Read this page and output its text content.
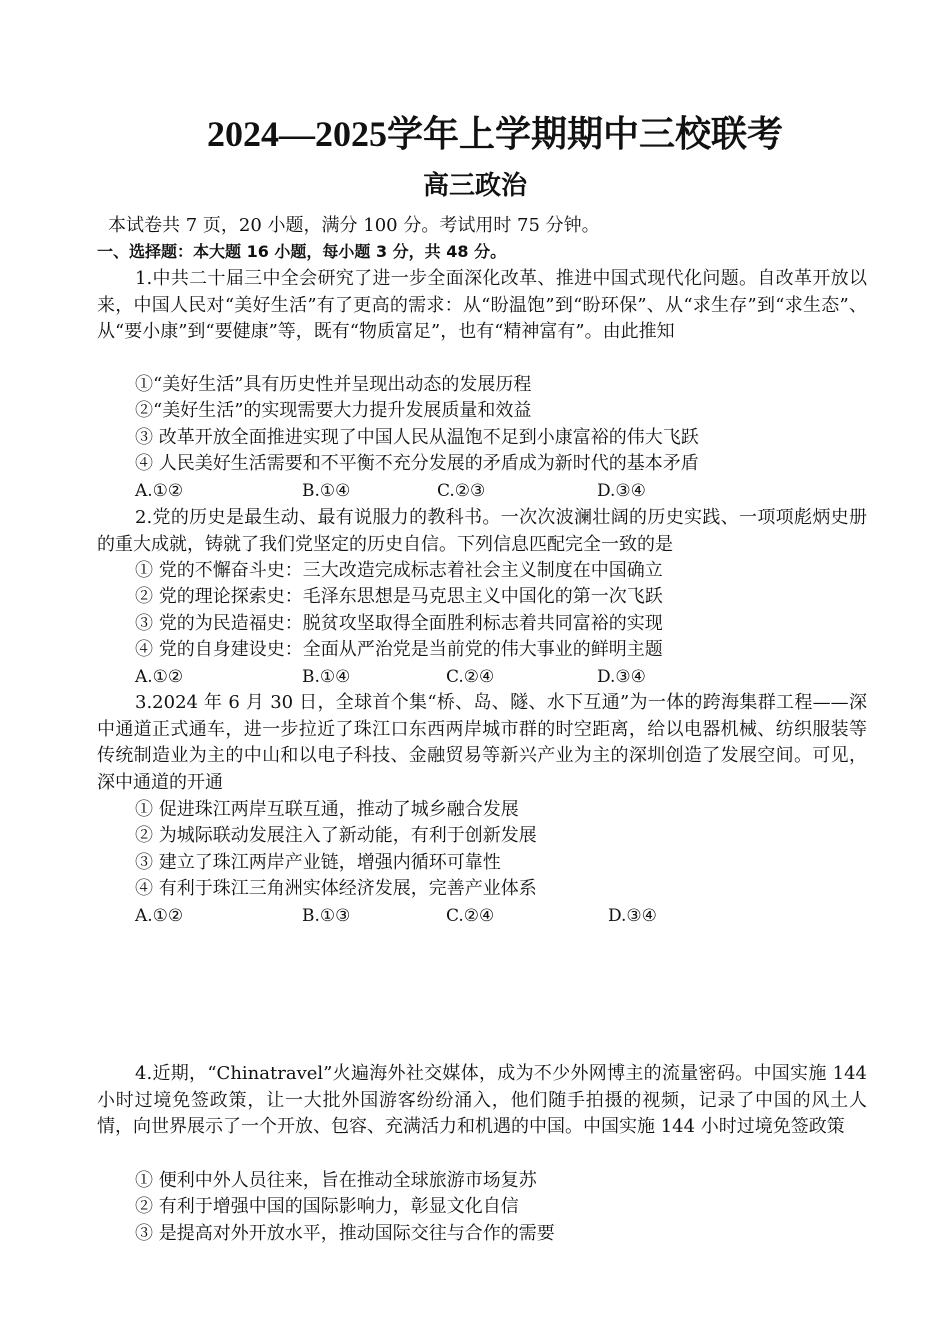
2024—2025学年上学期期中三校联考
高三政治
本试卷共 7 页，20 小题，满分 100 分。考试用时 75 分钟。
一、选择题：本大题 16 小题，每小题 3 分，共 48 分。

1.中共二十届三中全会研究了进一步全面深化改革、推进中国式现代化问题。自改革开放以来，中国人民对“美好生活”有了更高的需求：从“盼温饱”到“盼环保”、从“求生存”到“求生态”、从“要小康”到“要健康”等，既有“物质富足”，也有“精神富有”。由此推知

①“美好生活”具有历史性并呈现出动态的发展历程
②“美好生活”的实现需要大力提升发展质量和效益
③ 改革开放全面推进实现了中国人民从温饱不足到小康富裕的伟大飞跃
④ 人民美好生活需要和不平衡不充分发展的矛盾成为新时代的基本矛盾
A.①②	B.①④	C.②③	D.③④

2.党的历史是最生动、最有说服力的教科书。一次次波澜壮阔的历史实践、一项项彪炳史册的重大成就，铸就了我们党坚定的历史自信。下列信息匹配完全一致的是

① 党的不懈奋斗史：三大改造完成标志着社会主义制度在中国确立
② 党的理论探索史：毛泽东思想是马克思主义中国化的第一次飞跃
③ 党的为民造福史：脱贫攻坚取得全面胜利标志着共同富裕的实现
④ 党的自身建设史：全面从严治党是当前党的伟大事业的鲜明主题
A.①②	B.①④	C.②④	D.③④

3.2024 年 6 月 30 日，全球首个集“桥、岛、隧、水下互通”为一体的跨海集群工程——深中通道正式通车，进一步拉近了珠江口东西两岸城市群的时空距离，给以电器机械、纺织服装等传统制造业为主的中山和以电子科技、金融贸易等新兴产业为主的深圳创造了发展空间。可见，深中通道的开通

① 促进珠江两岸互联互通，推动了城乡融合发展
② 为城际联动发展注入了新动能，有利于创新发展
③ 建立了珠江两岸产业链，增强内循环可靠性
④ 有利于珠江三角洲实体经济发展，完善产业体系
A.①②	B.①③	C.②④	D.③④

4.近期，“Chinatravel”火遍海外社交媒体，成为不少外网博主的流量密码。中国实施 144 小时过境免签政策，让一大批外国游客纷纷涌入，他们随手拍摄的视频，记录了中国的风土人情，向世界展示了一个开放、包容、充满活力和机遇的中国。中国实施 144 小时过境免签政策

① 便利中外人员往来，旨在推动全球旅游市场复苏
② 有利于增强中国的国际影响力，彰显文化自信
③ 是提高对外开放水平，推动国际交往与合作的需要
